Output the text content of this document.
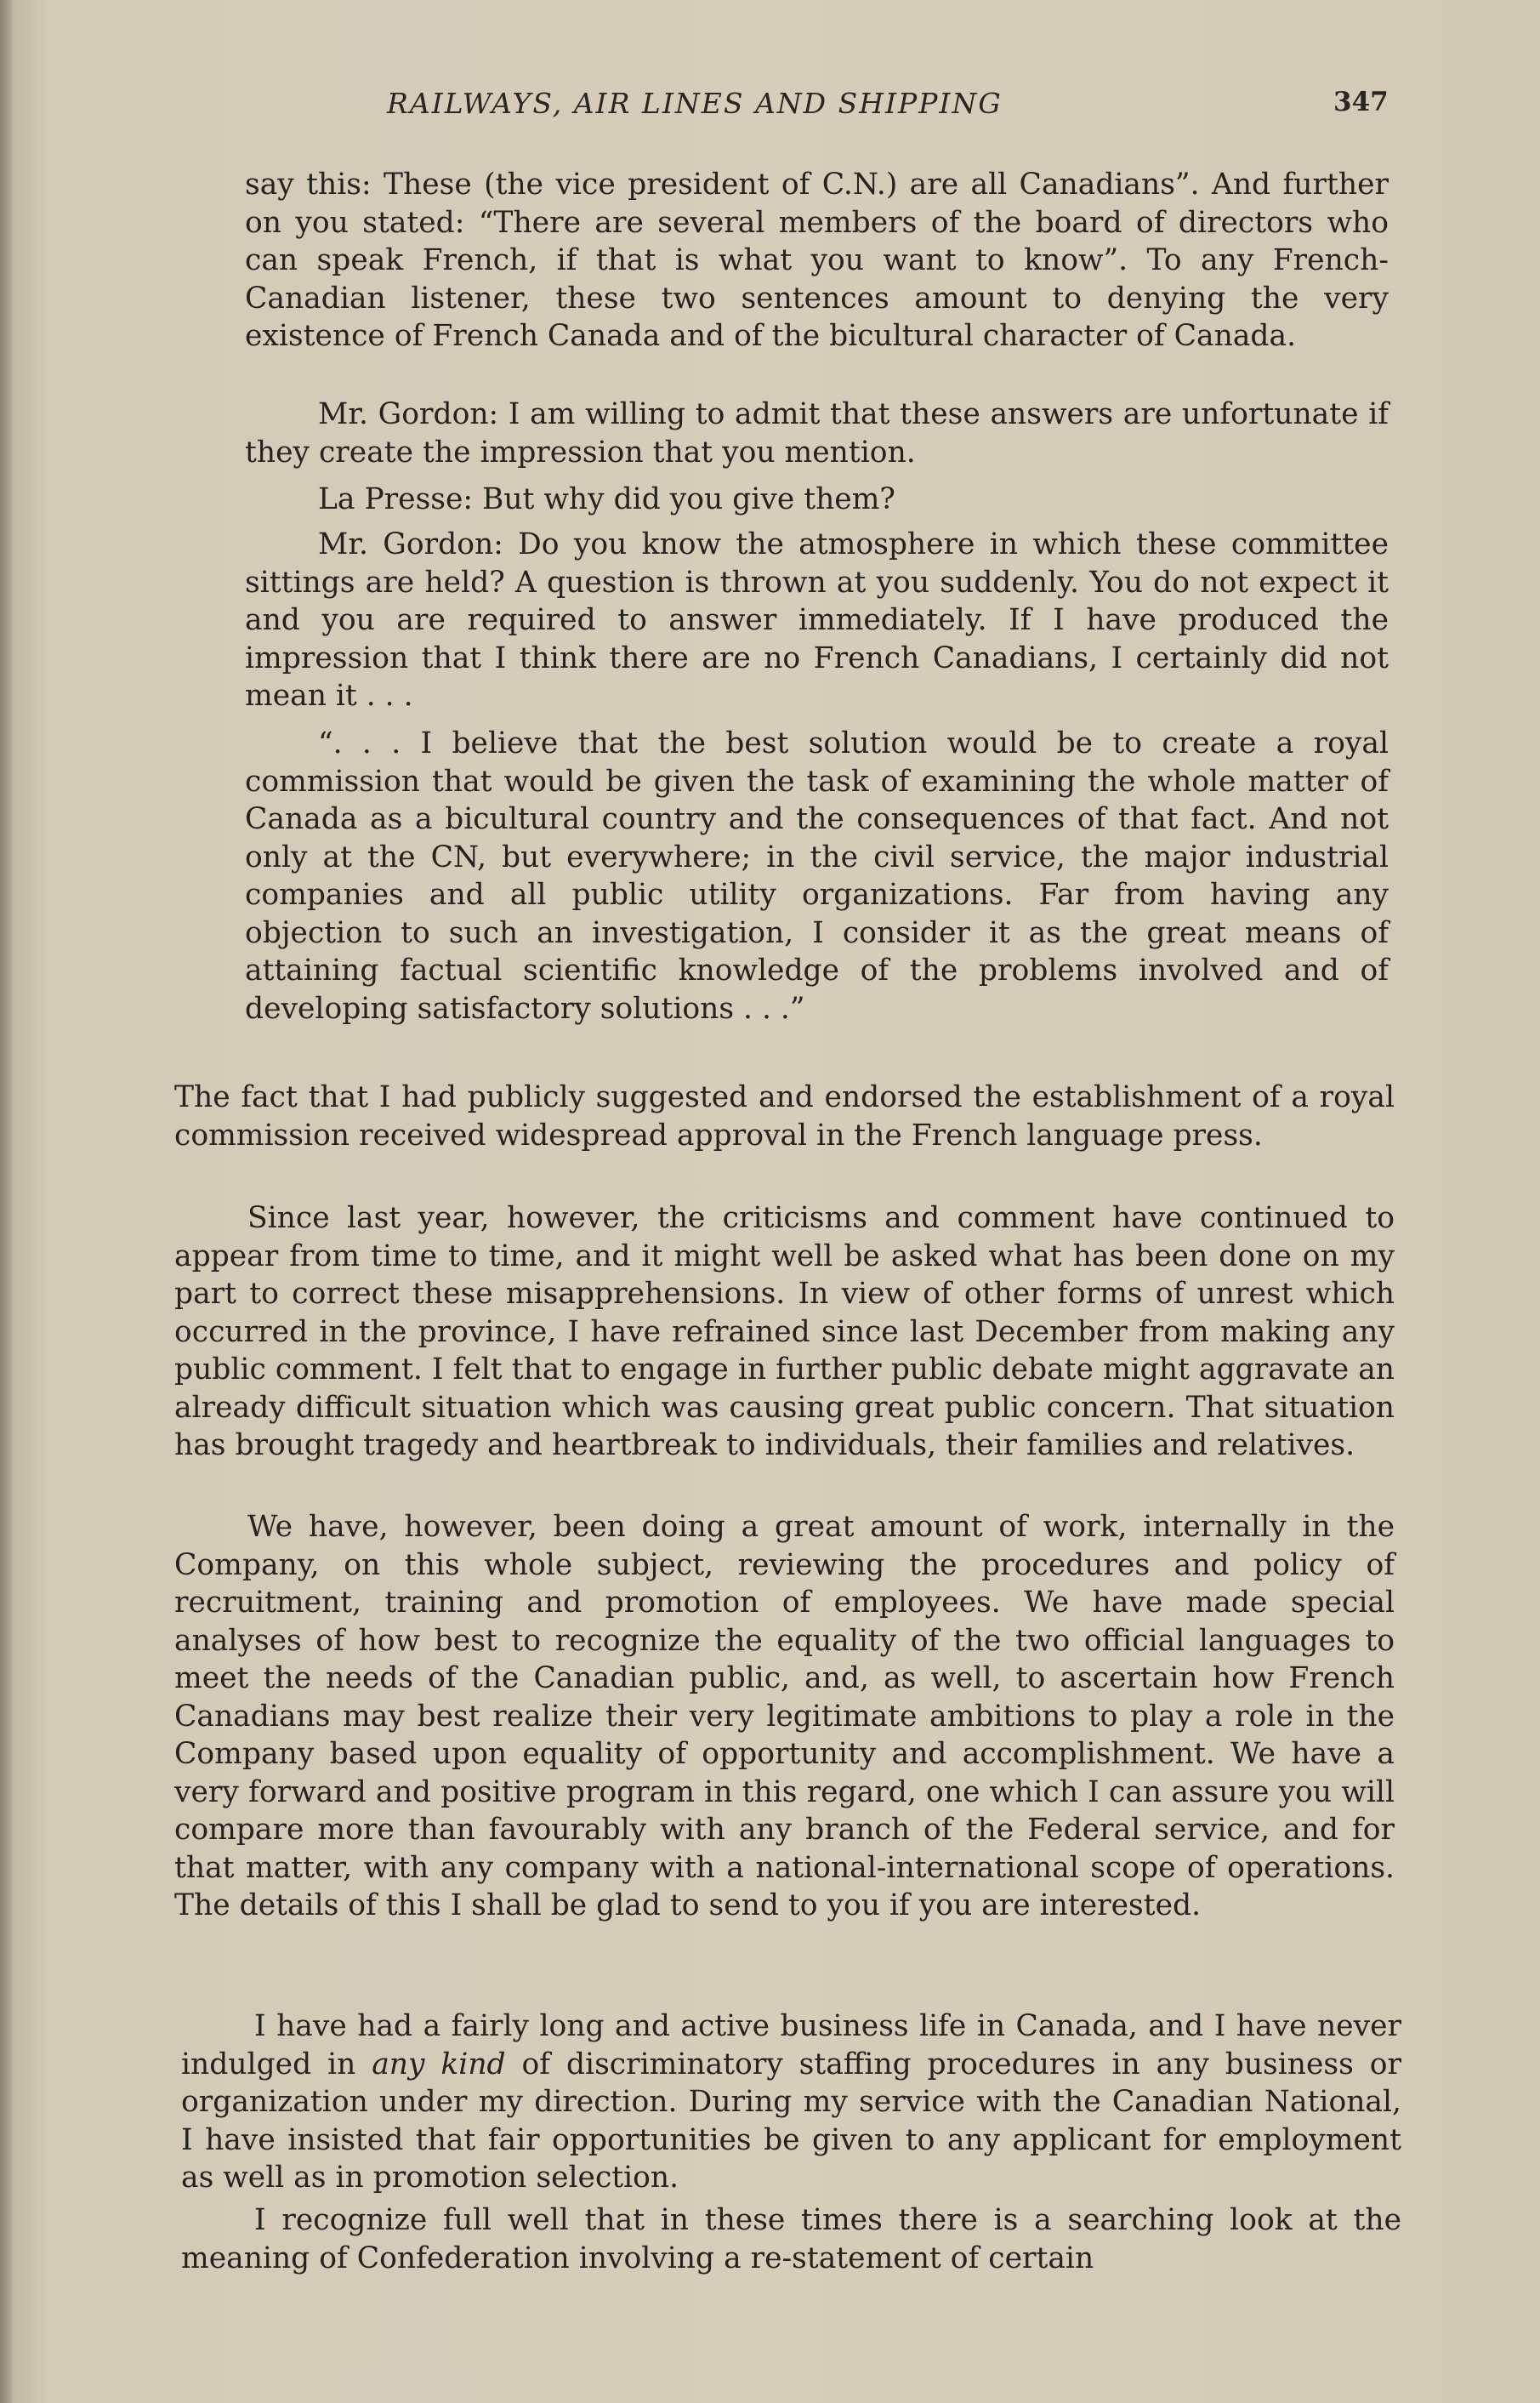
RAILWAYS, AIR LINES AND SHIPPING	347

say this: These (the vice president of C.N.) are all Canadians”. And further on you stated: “There are several members of the board of directors who can speak French, if that is what you want to know”. To any French-Canadian listener, these two sentences amount to denying the very existence of French Canada and of the bicultural character of Canada.

Mr. Gordon: I am willing to admit that these answers are unfortunate if they create the impression that you mention.

La Presse: But why did you give them?

Mr. Gordon: Do you know the atmosphere in which these committee sittings are held? A question is thrown at you suddenly. You do not expect it and you are required to answer immediately. If I have produced the impression that I think there are no French Canadians, I certainly did not mean it . . .

“. . . I believe that the best solution would be to create a royal commission that would be given the task of examining the whole matter of Canada as a bicultural country and the consequences of that fact. And not only at the CN, but everywhere; in the civil service, the major industrial companies and all public utility organizations. Far from having any objection to such an investigation, I consider it as the great means of attaining factual scientific knowledge of the problems involved and of developing satisfactory solutions . . .”

The fact that I had publicly suggested and endorsed the establishment of a royal commission received widespread approval in the French language press.

Since last year, however, the criticisms and comment have continued to appear from time to time, and it might well be asked what has been done on my part to correct these misapprehensions. In view of other forms of unrest which occurred in the province, I have refrained since last December from making any public comment. I felt that to engage in further public debate might aggravate an already difficult situation which was causing great public concern. That situation has brought tragedy and heartbreak to individuals, their families and relatives.

We have, however, been doing a great amount of work, internally in the Company, on this whole subject, reviewing the procedures and policy of recruitment, training and promotion of employees. We have made special analyses of how best to recognize the equality of the two official languages to meet the needs of the Canadian public, and, as well, to ascertain how French Canadians may best realize their very legitimate ambitions to play a role in the Company based upon equality of opportunity and accomplishment. We have a very forward and positive program in this regard, one which I can assure you will compare more than favourably with any branch of the Federal service, and for that matter, with any company with a national-international scope of operations. The details of this I shall be glad to send to you if you are interested.

I have had a fairly long and active business life in Canada, and I have never indulged in any kind of discriminatory staffing procedures in any business or organization under my direction. During my service with the Canadian National, I have insisted that fair opportunities be given to any applicant for employment as well as in promotion selection.

I recognize full well that in these times there is a searching look at the meaning of Confederation involving a re-statement of certain
